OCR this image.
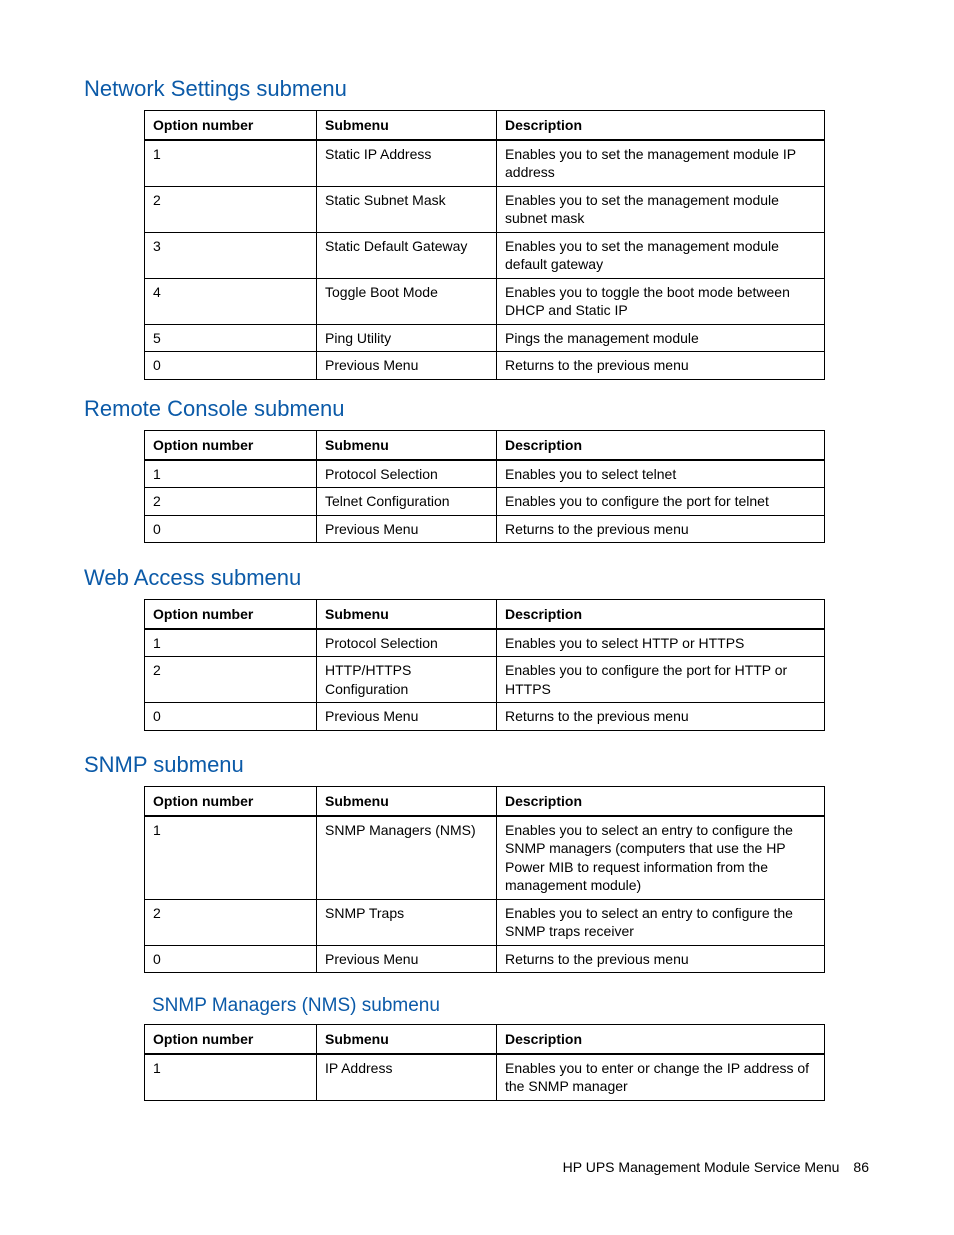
Network Settings submenu
Option number	Submenu	Description
1	Static IP Address	Enables you to set the management module IP address
2	Static Subnet Mask	Enables you to set the management module subnet mask
3	Static Default Gateway	Enables you to set the management module default gateway
4	Toggle Boot Mode	Enables you to toggle the boot mode between DHCP and Static IP
5	Ping Utility	Pings the management module
0	Previous Menu	Returns to the previous menu
Remote Console submenu
Option number	Submenu	Description
1	Protocol Selection	Enables you to select telnet
2	Telnet Configuration	Enables you to configure the port for telnet
0	Previous Menu	Returns to the previous menu
Web Access submenu
Option number	Submenu	Description
1	Protocol Selection	Enables you to select HTTP or HTTPS
2	HTTP/HTTPS Configuration	Enables you to configure the port for HTTP or HTTPS
0	Previous Menu	Returns to the previous menu
SNMP submenu
Option number	Submenu	Description
1	SNMP Managers (NMS)	Enables you to select an entry to configure the SNMP managers (computers that use the HP Power MIB to request information from the management module)
2	SNMP Traps	Enables you to select an entry to configure the SNMP traps receiver
0	Previous Menu	Returns to the previous menu
SNMP Managers (NMS) submenu
Option number	Submenu	Description
1	IP Address	Enables you to enter or change the IP address of the SNMP manager
HP UPS Management Module Service Menu 86
